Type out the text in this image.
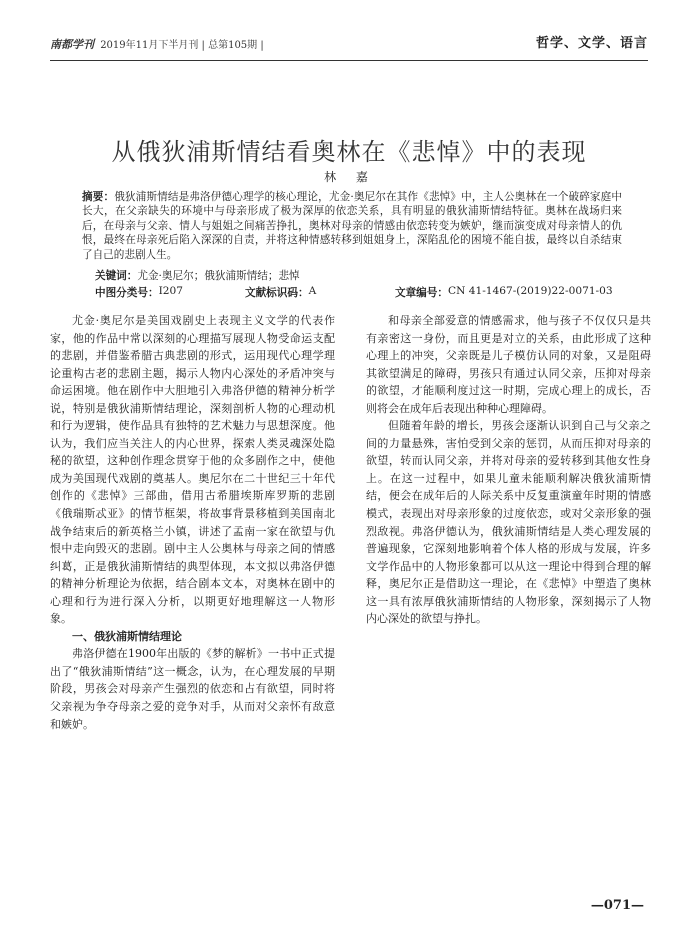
南都学刊 2019年11月下半月刊 | 总第105期 |	哲学、文学、语言
从俄狄浦斯情结看奥林在《悲悼》中的表现
林 嘉
摘要：俄狄浦斯情结是弗洛伊德心理学的核心理论，尤金·奥尼尔在其作《悲悼》中，主人公奥林在一个破碎家庭中长大，在父亲缺失的环境中与母亲形成了极为深厚的依恋关系，具有明显的俄狄浦斯情结特征。奥林在战场归来后，在母亲与父亲、情人与姐姐之间痛苦挣扎，奥林对母亲的情感由依恋转变为嫉妒，继而演变成对母亲情人的仇恨，最终在母亲死后陷入深深的自责，并将这种情感转移到姐姐身上，深陷乱伦的困境不能自拔，最终以自杀结束了自己的悲剧人生。
关键词：尤金·奥尼尔；俄狄浦斯情结；悲悼
中图分类号： I207	文献标识码： A	文章编号： CN 41-1467-(2019)22-0071-03

尤金·奥尼尔是美国戏剧史上表现主义文学的代表作家，他的作品中常以深刻的心理描写展现人物受命运支配的悲剧，并借鉴希腊古典悲剧的形式，运用现代心理学理论重构古老的悲剧主题，揭示人物内心深处的矛盾冲突与命运困境。他在剧作中大胆地引入弗洛伊德的精神分析学说，特别是俄狄浦斯情结理论，深刻剖析人物的心理动机和行为逻辑，使作品具有独特的艺术魅力与思想深度。他认为，我们应当关注人的内心世界，探索人类灵魂深处隐秘的欲望，这种创作理念贯穿于他的众多剧作之中，使他成为美国现代戏剧的奠基人。奥尼尔在二十世纪三十年代创作的《悲悼》三部曲，借用古希腊埃斯库罗斯的悲剧《俄瑞斯忒亚》的情节框架，将故事背景移植到美国南北战争结束后的新英格兰小镇，讲述了孟南一家在欲望与仇恨中走向毁灭的悲剧。剧中主人公奥林与母亲之间的情感纠葛，正是俄狄浦斯情结的典型体现，本文拟以弗洛伊德的精神分析理论为依据，结合剧本文本，对奥林在剧中的心理和行为进行深入分析，以期更好地理解这一人物形象。

一、俄狄浦斯情结理论

弗洛伊德在1900年出版的《梦的解析》一书中正式提出了“俄狄浦斯情结”这一概念，认为，在心理发展的早期阶段，男孩会对母亲产生强烈的依恋和占有欲望，同时将父亲视为争夺母亲之爱的竞争对手，从而对父亲怀有敌意和嫉妒。

和母亲全部爱意的情感需求，他与孩子不仅仅只是共有亲密这一身份，而且更是对立的关系，由此形成了这种心理上的冲突，父亲既是儿子模仿认同的对象，又是阻碍其欲望满足的障碍，男孩只有通过认同父亲，压抑对母亲的欲望，才能顺利度过这一时期，完成心理上的成长，否则将会在成年后表现出种种心理障碍。

但随着年龄的增长，男孩会逐渐认识到自己与父亲之间的力量悬殊，害怕受到父亲的惩罚，从而压抑对母亲的欲望，转而认同父亲，并将对母亲的爱转移到其他女性身上。在这一过程中，如果儿童未能顺利解决俄狄浦斯情结，便会在成年后的人际关系中反复重演童年时期的情感模式，表现出对母亲形象的过度依恋，或对父亲形象的强烈敌视。弗洛伊德认为，俄狄浦斯情结是人类心理发展的普遍现象，它深刻地影响着个体人格的形成与发展，许多文学作品中的人物形象都可以从这一理论中得到合理的解释，奥尼尔正是借助这一理论，在《悲悼》中塑造了奥林这一具有浓厚俄狄浦斯情结的人物形象，深刻揭示了人物内心深处的欲望与挣扎。

—071—
